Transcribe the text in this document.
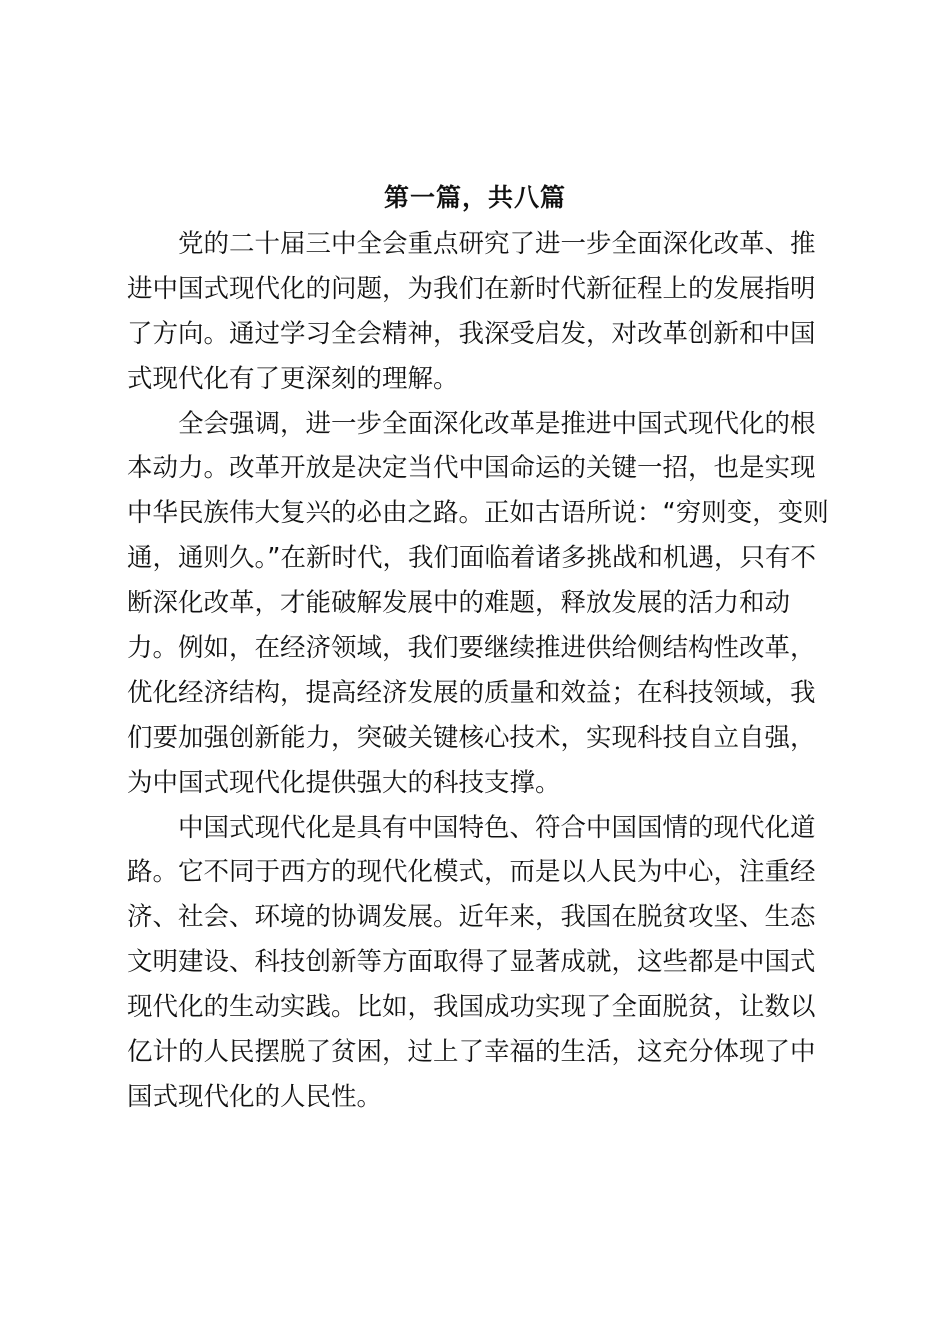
第一篇，共八篇
党的二十届三中全会重点研究了进一步全面深化改革、推
进中国式现代化的问题，为我们在新时代新征程上的发展指明
了方向。通过学习全会精神，我深受启发，对改革创新和中国
式现代化有了更深刻的理解。
全会强调，进一步全面深化改革是推进中国式现代化的根
本动力。改革开放是决定当代中国命运的关键一招，也是实现
中华民族伟大复兴的必由之路。正如古语所说：“穷则变，变则
通，通则久。”在新时代，我们面临着诸多挑战和机遇，只有不
断深化改革，才能破解发展中的难题，释放发展的活力和动
力。例如，在经济领域，我们要继续推进供给侧结构性改革，
优化经济结构，提高经济发展的质量和效益；在科技领域，我
们要加强创新能力，突破关键核心技术，实现科技自立自强，
为中国式现代化提供强大的科技支撑。
中国式现代化是具有中国特色、符合中国国情的现代化道
路。它不同于西方的现代化模式，而是以人民为中心，注重经
济、社会、环境的协调发展。近年来，我国在脱贫攻坚、生态
文明建设、科技创新等方面取得了显著成就，这些都是中国式
现代化的生动实践。比如，我国成功实现了全面脱贫，让数以
亿计的人民摆脱了贫困，过上了幸福的生活，这充分体现了中
国式现代化的人民性。
